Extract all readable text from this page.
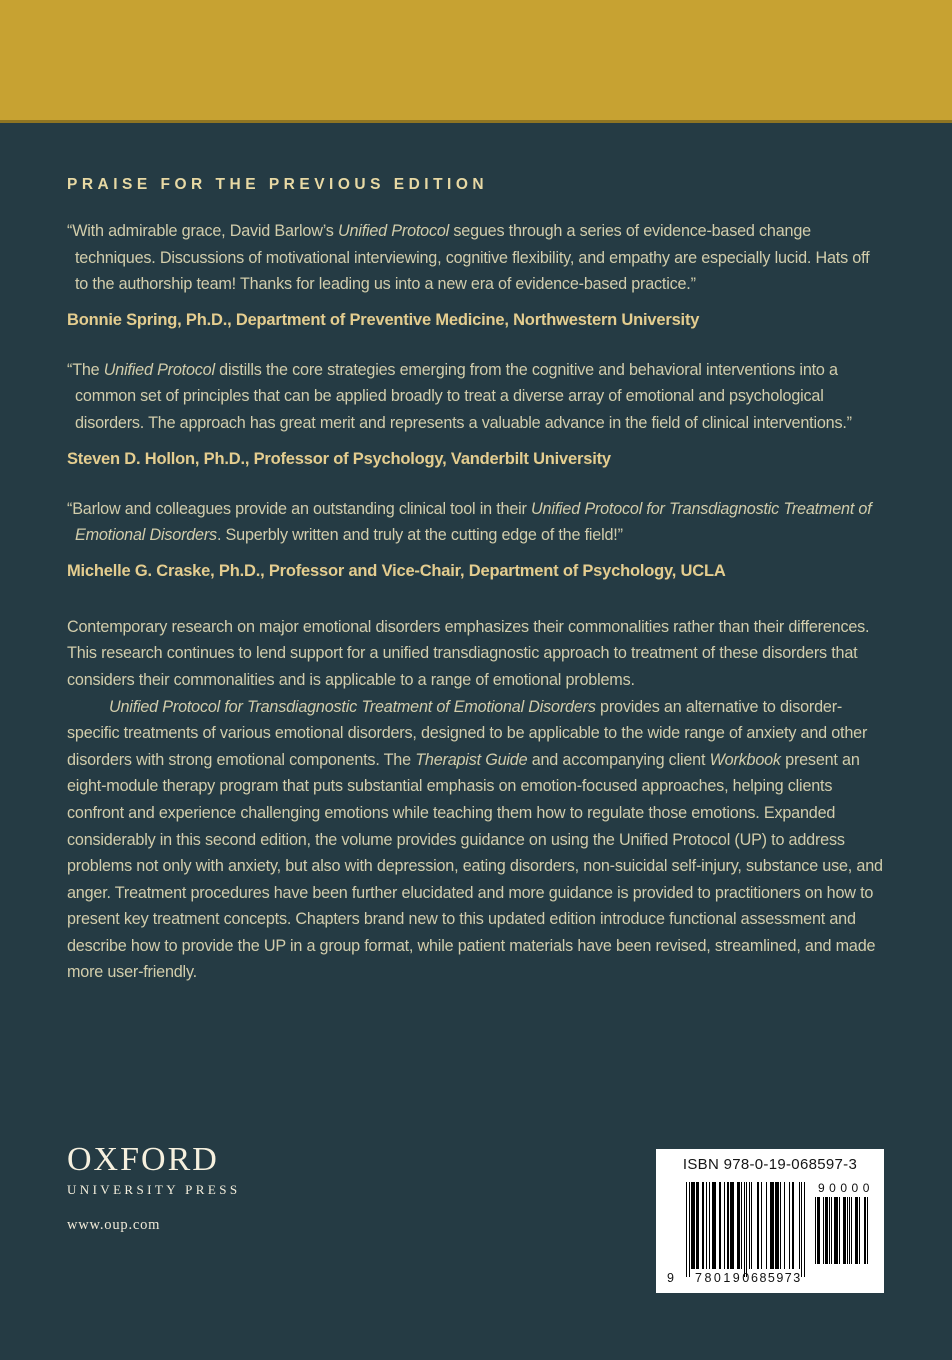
PRAISE FOR THE PREVIOUS EDITION
“With admirable grace, David Barlow’s Unified Protocol segues through a series of evidence-based change techniques. Discussions of motivational interviewing, cognitive flexibility, and empathy are especially lucid. Hats off to the authorship team! Thanks for leading us into a new era of evidence-based practice.”

Bonnie Spring, Ph.D., Department of Preventive Medicine, Northwestern University

“The Unified Protocol distills the core strategies emerging from the cognitive and behavioral interventions into a common set of principles that can be applied broadly to treat a diverse array of emotional and psychological disorders. The approach has great merit and represents a valuable advance in the field of clinical interventions.”

Steven D. Hollon, Ph.D., Professor of Psychology, Vanderbilt University

“Barlow and colleagues provide an outstanding clinical tool in their Unified Protocol for Transdiagnostic Treatment of Emotional Disorders. Superbly written and truly at the cutting edge of the field!”

Michelle G. Craske, Ph.D., Professor and Vice-Chair, Department of Psychology, UCLA

Contemporary research on major emotional disorders emphasizes their commonalities rather than their differences. This research continues to lend support for a unified transdiagnostic approach to treatment of these disorders that considers their commonalities and is applicable to a range of emotional problems.

Unified Protocol for Transdiagnostic Treatment of Emotional Disorders provides an alternative to disorder-specific treatments of various emotional disorders, designed to be applicable to the wide range of anxiety and other disorders with strong emotional components. The Therapist Guide and accompanying client Workbook present an eight-module therapy program that puts substantial emphasis on emotion-focused approaches, helping clients confront and experience challenging emotions while teaching them how to regulate those emotions. Expanded considerably in this second edition, the volume provides guidance on using the Unified Protocol (UP) to address problems not only with anxiety, but also with depression, eating disorders, non-suicidal self-injury, substance use, and anger. Treatment procedures have been further elucidated and more guidance is provided to practitioners on how to present key treatment concepts. Chapters brand new to this updated edition introduce functional assessment and describe how to provide the UP in a group format, while patient materials have been revised, streamlined, and made more user-friendly.

OXFORD
UNIVERSITY PRESS
www.oup.com
ISBN 978-0-19-068597-3
9 780190 685973
90000
